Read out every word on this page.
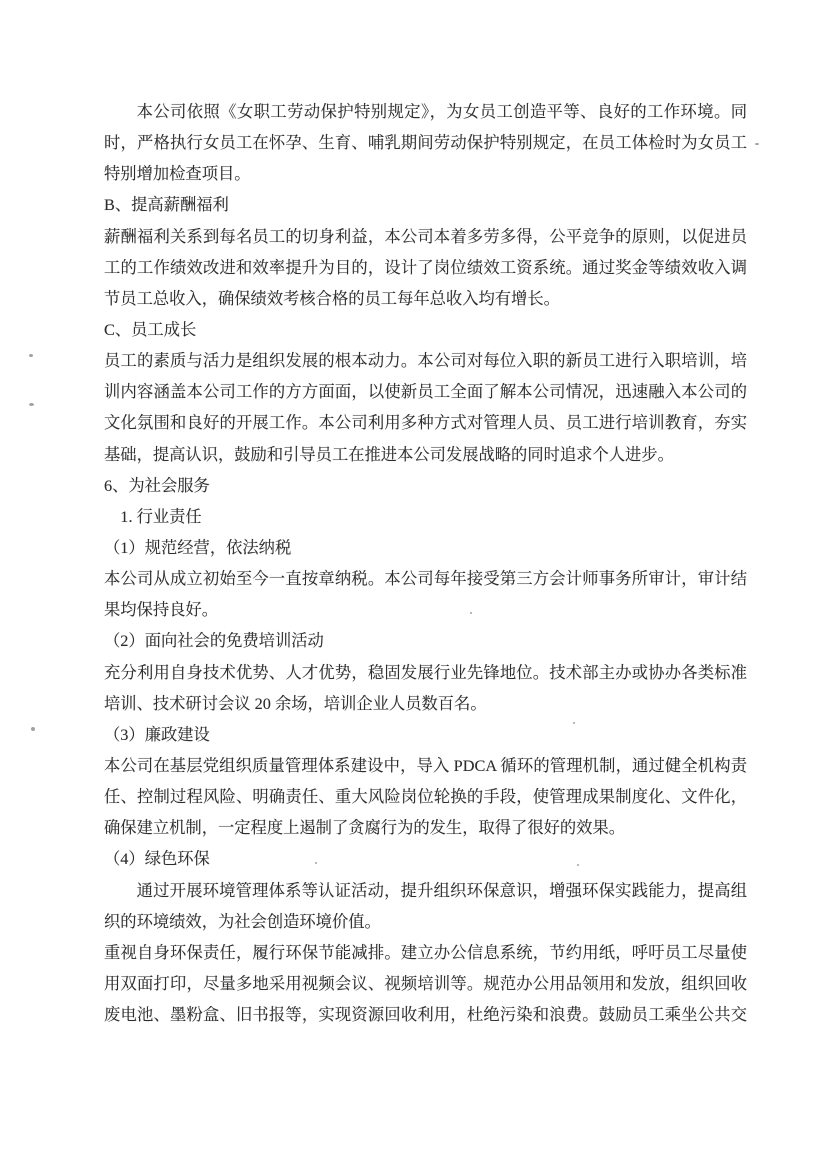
本公司依照《女职工劳动保护特别规定》，为女员工创造平等、良好的工作环境。同
时，严格执行女员工在怀孕、生育、哺乳期间劳动保护特别规定，在员工体检时为女员工
特别增加检查项目。
B、提高薪酬福利
薪酬福利关系到每名员工的切身利益，本公司本着多劳多得，公平竞争的原则，以促进员
工的工作绩效改进和效率提升为目的，设计了岗位绩效工资系统。通过奖金等绩效收入调
节员工总收入，确保绩效考核合格的员工每年总收入均有增长。
C、员工成长
员工的素质与活力是组织发展的根本动力。本公司对每位入职的新员工进行入职培训，培
训内容涵盖本公司工作的方方面面，以使新员工全面了解本公司情况，迅速融入本公司的
文化氛围和良好的开展工作。本公司利用多种方式对管理人员、员工进行培训教育，夯实
基础，提高认识，鼓励和引导员工在推进本公司发展战略的同时追求个人进步。
6、为社会服务
1. 行业责任
（1）规范经营，依法纳税
本公司从成立初始至今一直按章纳税。本公司每年接受第三方会计师事务所审计，审计结
果均保持良好。
（2）面向社会的免费培训活动
充分利用自身技术优势、人才优势，稳固发展行业先锋地位。技术部主办或协办各类标准
培训、技术研讨会议 20 余场，培训企业人员数百名。
（3）廉政建设
本公司在基层党组织质量管理体系建设中，导入 PDCA 循环的管理机制，通过健全机构责
任、控制过程风险、明确责任、重大风险岗位轮换的手段，使管理成果制度化、文件化，
确保建立机制，一定程度上遏制了贪腐行为的发生，取得了很好的效果。
（4）绿色环保
通过开展环境管理体系等认证活动，提升组织环保意识，增强环保实践能力，提高组
织的环境绩效，为社会创造环境价值。
重视自身环保责任，履行环保节能减排。建立办公信息系统，节约用纸，呼吁员工尽量使
用双面打印，尽量多地采用视频会议、视频培训等。规范办公用品领用和发放，组织回收
废电池、墨粉盒、旧书报等，实现资源回收利用，杜绝污染和浪费。鼓励员工乘坐公共交
